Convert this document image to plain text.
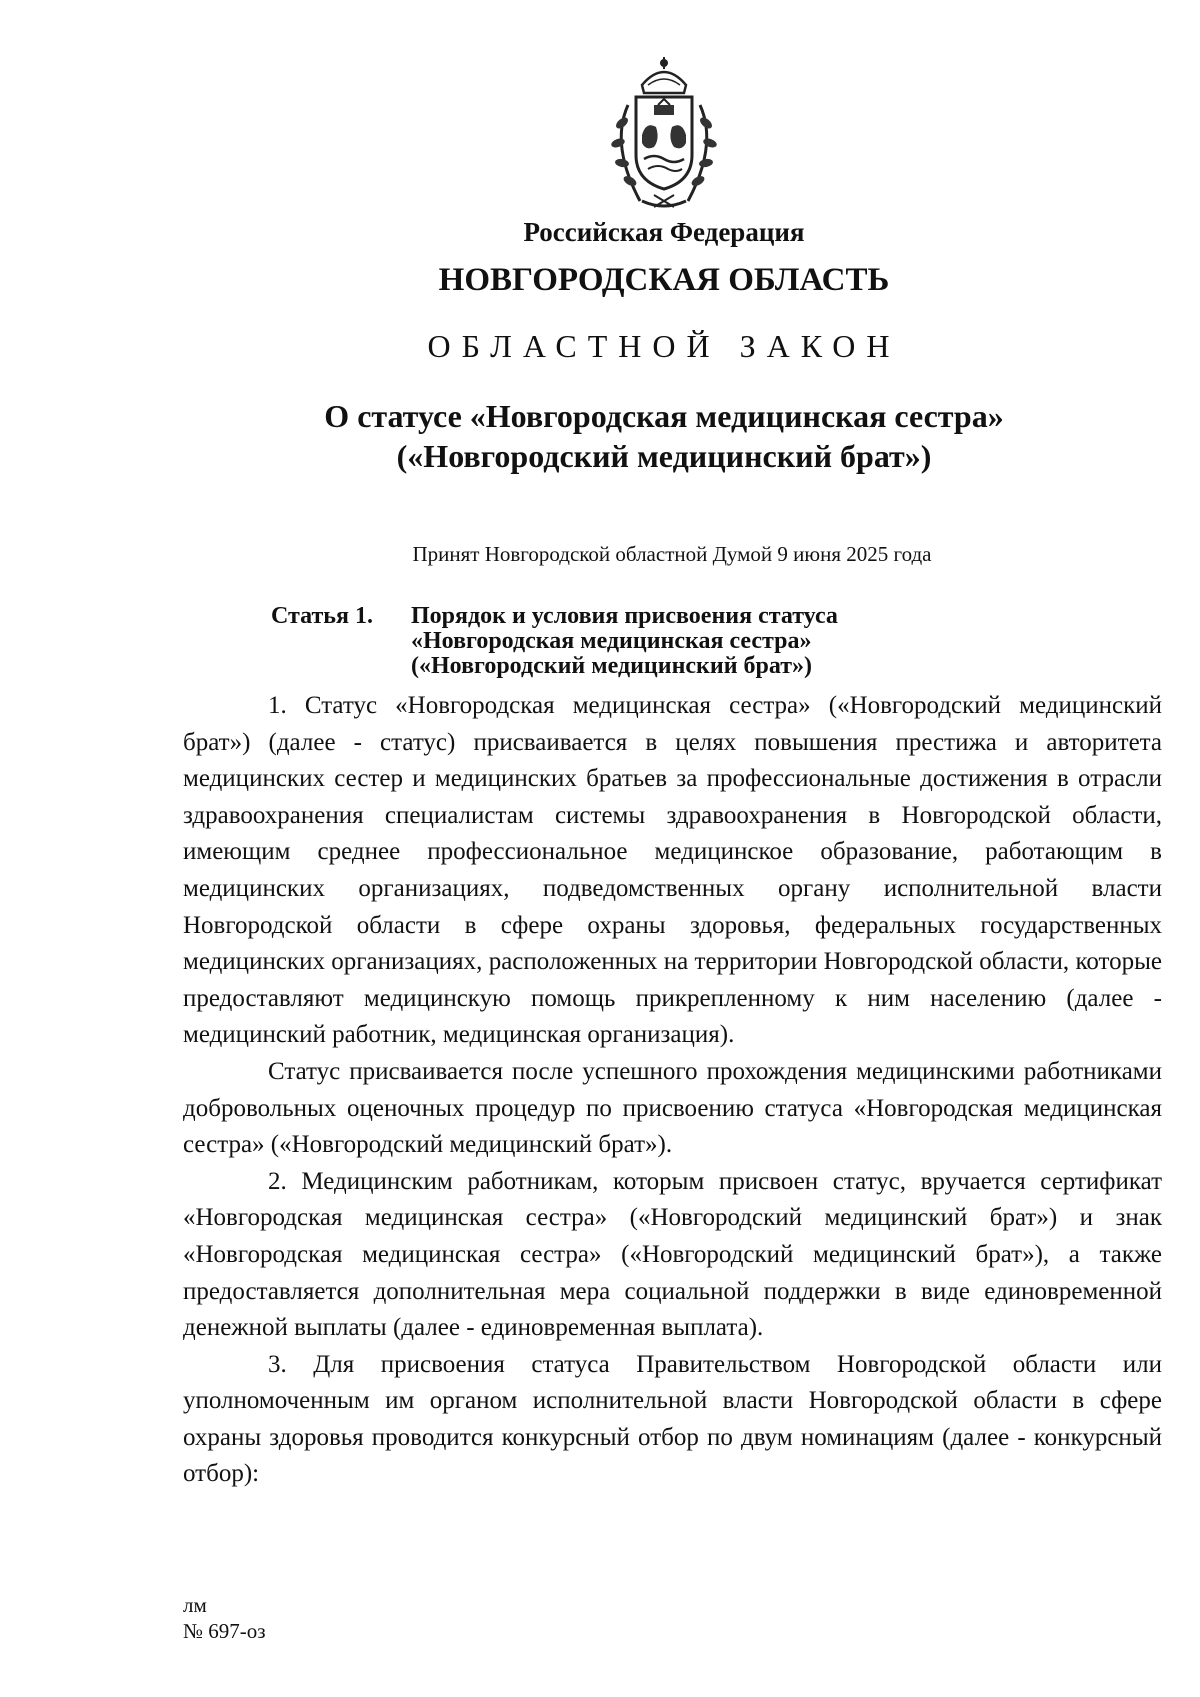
Российская Федерация
НОВГОРОДСКАЯ ОБЛАСТЬ
ОБЛАСТНОЙ ЗАКОН
О статусе «Новгородская медицинская сестра»
(«Новгородский медицинский брат»)
Принят Новгородской областной Думой 9 июня 2025 года
Статья 1. Порядок и условия присвоения статуса
«Новгородская медицинская сестра»
(«Новгородский медицинский брат»)

1. Статус «Новгородская медицинская сестра» («Новгородский медицинский брат») (далее - статус) присваивается в целях повышения престижа и авторитета медицинских сестер и медицинских братьев за профессиональные достижения в отрасли здравоохранения специалистам системы здравоохранения в Новгородской области, имеющим среднее профессиональное медицинское образование, работающим в медицинских организациях, подведомственных органу исполнительной власти Новгородской области в сфере охраны здоровья, федеральных государственных медицинских организациях, расположенных на территории Новгородской области, которые предоставляют медицинскую помощь прикрепленному к ним населению (далее - медицинский работник, медицинская организация).

Статус присваивается после успешного прохождения медицинскими работниками добровольных оценочных процедур по присвоению статуса «Новгородская медицинская сестра» («Новгородский медицинский брат»).

2. Медицинским работникам, которым присвоен статус, вручается сертификат «Новгородская медицинская сестра» («Новгородский медицинский брат») и знак «Новгородская медицинская сестра» («Новгородский медицинский брат»), а также предоставляется дополнительная мера социальной поддержки в виде единовременной денежной выплаты (далее - единовременная выплата).

3. Для присвоения статуса Правительством Новгородской области или уполномоченным им органом исполнительной власти Новгородской области в сфере охраны здоровья проводится конкурсный отбор по двум номинациям (далее - конкурсный отбор):

лм
№ 697-оз
